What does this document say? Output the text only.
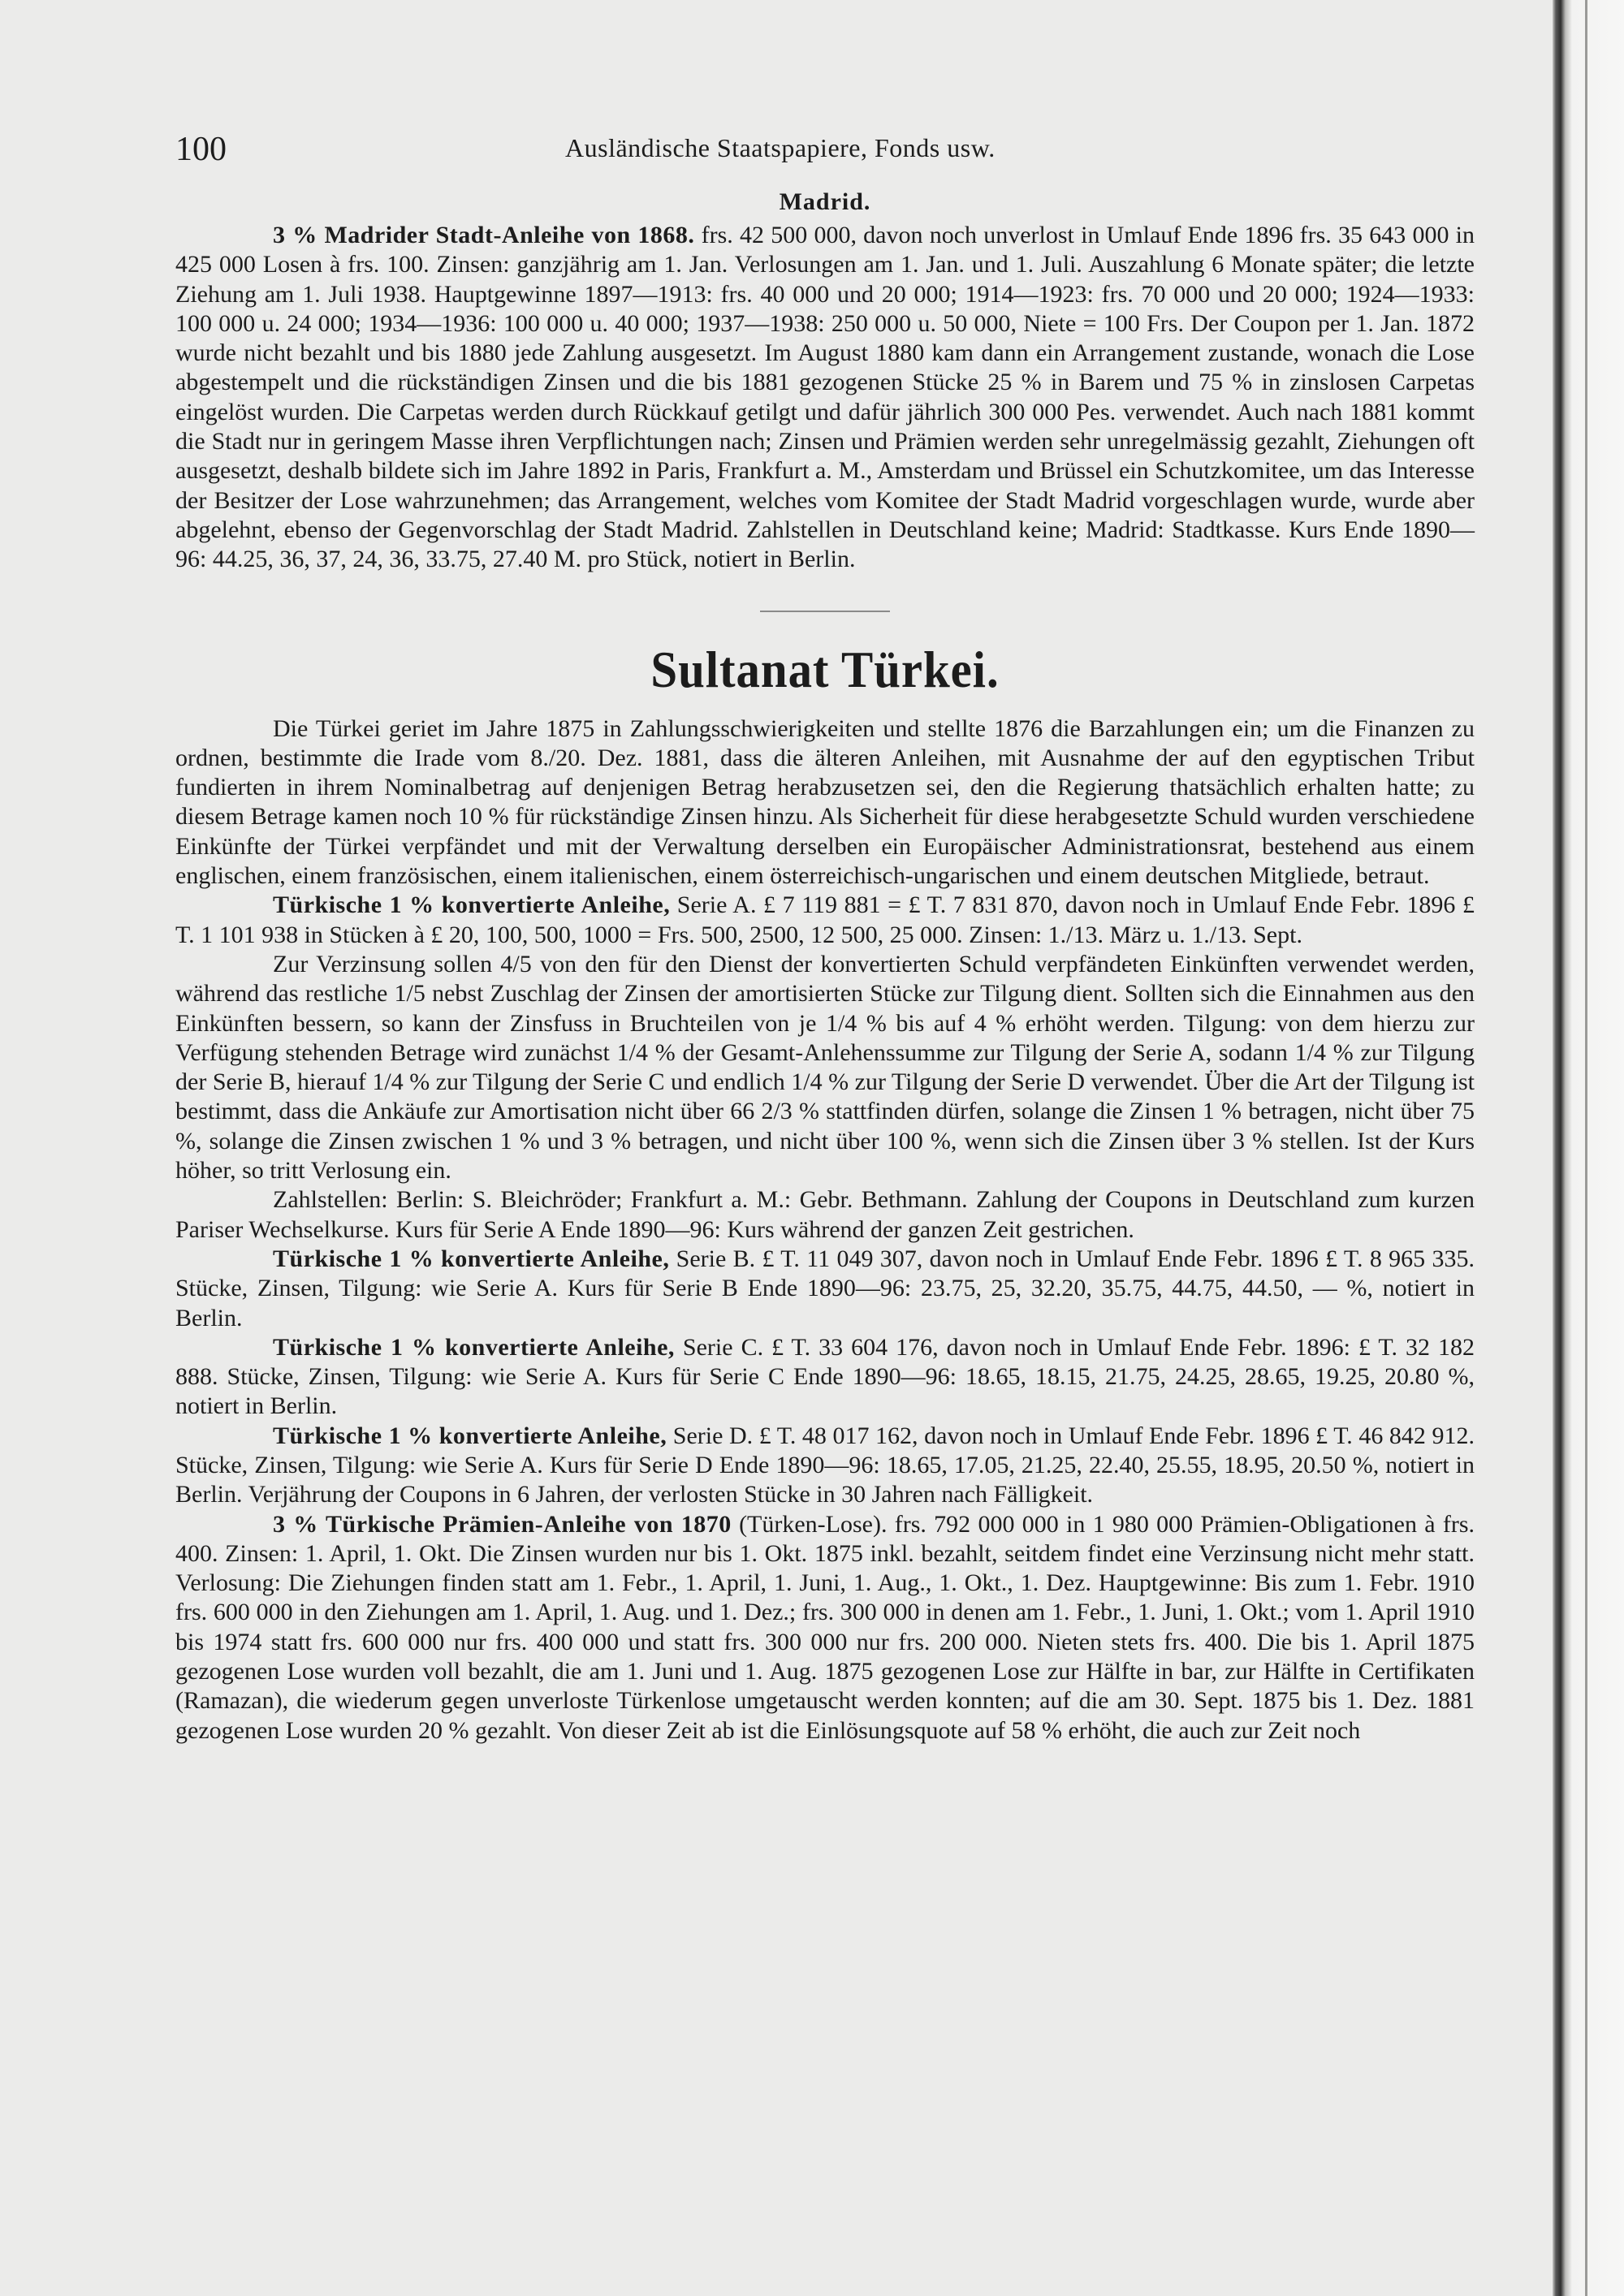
100	Ausländische Staatspapiere, Fonds usw.
Madrid.

3 % Madrider Stadt-Anleihe von 1868. frs. 42 500 000, davon noch unverlost in Umlauf Ende 1896 frs. 35 643 000 in 425 000 Losen à frs. 100. Zinsen: ganzjährig am 1. Jan. Verlosungen am 1. Jan. und 1. Juli. Auszahlung 6 Monate später; die letzte Ziehung am 1. Juli 1938. Hauptgewinne 1897—1913: frs. 40 000 und 20 000; 1914—1923: frs. 70 000 und 20 000; 1924—1933: 100 000 u. 24 000; 1934—1936: 100 000 u. 40 000; 1937—1938: 250 000 u. 50 000, Niete = 100 Frs. Der Coupon per 1. Jan. 1872 wurde nicht bezahlt und bis 1880 jede Zahlung ausgesetzt. Im August 1880 kam dann ein Arrangement zustande, wonach die Lose abgestempelt und die rückständigen Zinsen und die bis 1881 gezogenen Stücke 25 % in Barem und 75 % in zinslosen Carpetas eingelöst wurden. Die Carpetas werden durch Rückkauf getilgt und dafür jährlich 300 000 Pes. verwendet. Auch nach 1881 kommt die Stadt nur in geringem Masse ihren Verpflichtungen nach; Zinsen und Prämien werden sehr unregelmässig gezahlt, Ziehungen oft ausgesetzt, deshalb bildete sich im Jahre 1892 in Paris, Frankfurt a. M., Amsterdam und Brüssel ein Schutzkomitee, um das Interesse der Besitzer der Lose wahrzunehmen; das Arrangement, welches vom Komitee der Stadt Madrid vorgeschlagen wurde, wurde aber abgelehnt, ebenso der Gegenvorschlag der Stadt Madrid. Zahlstellen in Deutschland keine; Madrid: Stadtkasse. Kurs Ende 1890—96: 44.25, 36, 37, 24, 36, 33.75, 27.40 M. pro Stück, notiert in Berlin.

Sultanat Türkei.

Die Türkei geriet im Jahre 1875 in Zahlungsschwierigkeiten und stellte 1876 die Barzahlungen ein; um die Finanzen zu ordnen, bestimmte die Irade vom 8./20. Dez. 1881, dass die älteren Anleihen, mit Ausnahme der auf den egyptischen Tribut fundierten in ihrem Nominalbetrag auf denjenigen Betrag herabzusetzen sei, den die Regierung thatsächlich erhalten hatte; zu diesem Betrage kamen noch 10 % für rückständige Zinsen hinzu. Als Sicherheit für diese herabgesetzte Schuld wurden verschiedene Einkünfte der Türkei verpfändet und mit der Verwaltung derselben ein Europäischer Administrationsrat, bestehend aus einem englischen, einem französischen, einem italienischen, einem österreichisch-ungarischen und einem deutschen Mitgliede, betraut.

Türkische 1 % konvertierte Anleihe, Serie A. £ 7 119 881 = £ T. 7 831 870, davon noch in Umlauf Ende Febr. 1896 £ T. 1 101 938 in Stücken à £ 20, 100, 500, 1000 = Frs. 500, 2500, 12 500, 25 000. Zinsen: 1./13. März u. 1./13. Sept.

Zur Verzinsung sollen 4/5 von den für den Dienst der konvertierten Schuld verpfändeten Einkünften verwendet werden, während das restliche 1/5 nebst Zuschlag der Zinsen der amortisierten Stücke zur Tilgung dient. Sollten sich die Einnahmen aus den Einkünften bessern, so kann der Zinsfuss in Bruchteilen von je 1/4 % bis auf 4 % erhöht werden. Tilgung: von dem hierzu zur Verfügung stehenden Betrage wird zunächst 1/4 % der Gesamt-Anlehenssumme zur Tilgung der Serie A, sodann 1/4 % zur Tilgung der Serie B, hierauf 1/4 % zur Tilgung der Serie C und endlich 1/4 % zur Tilgung der Serie D verwendet. Über die Art der Tilgung ist bestimmt, dass die Ankäufe zur Amortisation nicht über 66 2/3 % stattfinden dürfen, solange die Zinsen 1 % betragen, nicht über 75 %, solange die Zinsen zwischen 1 % und 3 % betragen, und nicht über 100 %, wenn sich die Zinsen über 3 % stellen. Ist der Kurs höher, so tritt Verlosung ein.

Zahlstellen: Berlin: S. Bleichröder; Frankfurt a. M.: Gebr. Bethmann. Zahlung der Coupons in Deutschland zum kurzen Pariser Wechselkurse. Kurs für Serie A Ende 1890—96: Kurs während der ganzen Zeit gestrichen.

Türkische 1 % konvertierte Anleihe, Serie B. £ T. 11 049 307, davon noch in Umlauf Ende Febr. 1896 £ T. 8 965 335. Stücke, Zinsen, Tilgung: wie Serie A. Kurs für Serie B Ende 1890—96: 23.75, 25, 32.20, 35.75, 44.75, 44.50, — %, notiert in Berlin.

Türkische 1 % konvertierte Anleihe, Serie C. £ T. 33 604 176, davon noch in Umlauf Ende Febr. 1896: £ T. 32 182 888. Stücke, Zinsen, Tilgung: wie Serie A. Kurs für Serie C Ende 1890—96: 18.65, 18.15, 21.75, 24.25, 28.65, 19.25, 20.80 %, notiert in Berlin.

Türkische 1 % konvertierte Anleihe, Serie D. £ T. 48 017 162, davon noch in Umlauf Ende Febr. 1896 £ T. 46 842 912. Stücke, Zinsen, Tilgung: wie Serie A. Kurs für Serie D Ende 1890—96: 18.65, 17.05, 21.25, 22.40, 25.55, 18.95, 20.50 %, notiert in Berlin. Verjährung der Coupons in 6 Jahren, der verlosten Stücke in 30 Jahren nach Fälligkeit.

3 % Türkische Prämien-Anleihe von 1870 (Türken-Lose). frs. 792 000 000 in 1 980 000 Prämien-Obligationen à frs. 400. Zinsen: 1. April, 1. Okt. Die Zinsen wurden nur bis 1. Okt. 1875 inkl. bezahlt, seitdem findet eine Verzinsung nicht mehr statt. Verlosung: Die Ziehungen finden statt am 1. Febr., 1. April, 1. Juni, 1. Aug., 1. Okt., 1. Dez. Hauptgewinne: Bis zum 1. Febr. 1910 frs. 600 000 in den Ziehungen am 1. April, 1. Aug. und 1. Dez.; frs. 300 000 in denen am 1. Febr., 1. Juni, 1. Okt.; vom 1. April 1910 bis 1974 statt frs. 600 000 nur frs. 400 000 und statt frs. 300 000 nur frs. 200 000. Nieten stets frs. 400. Die bis 1. April 1875 gezogenen Lose wurden voll bezahlt, die am 1. Juni und 1. Aug. 1875 gezogenen Lose zur Hälfte in bar, zur Hälfte in Certifikaten (Ramazan), die wiederum gegen unverloste Türkenlose umgetauscht werden konnten; auf die am 30. Sept. 1875 bis 1. Dez. 1881 gezogenen Lose wurden 20 % gezahlt. Von dieser Zeit ab ist die Einlösungsquote auf 58 % erhöht, die auch zur Zeit noch
